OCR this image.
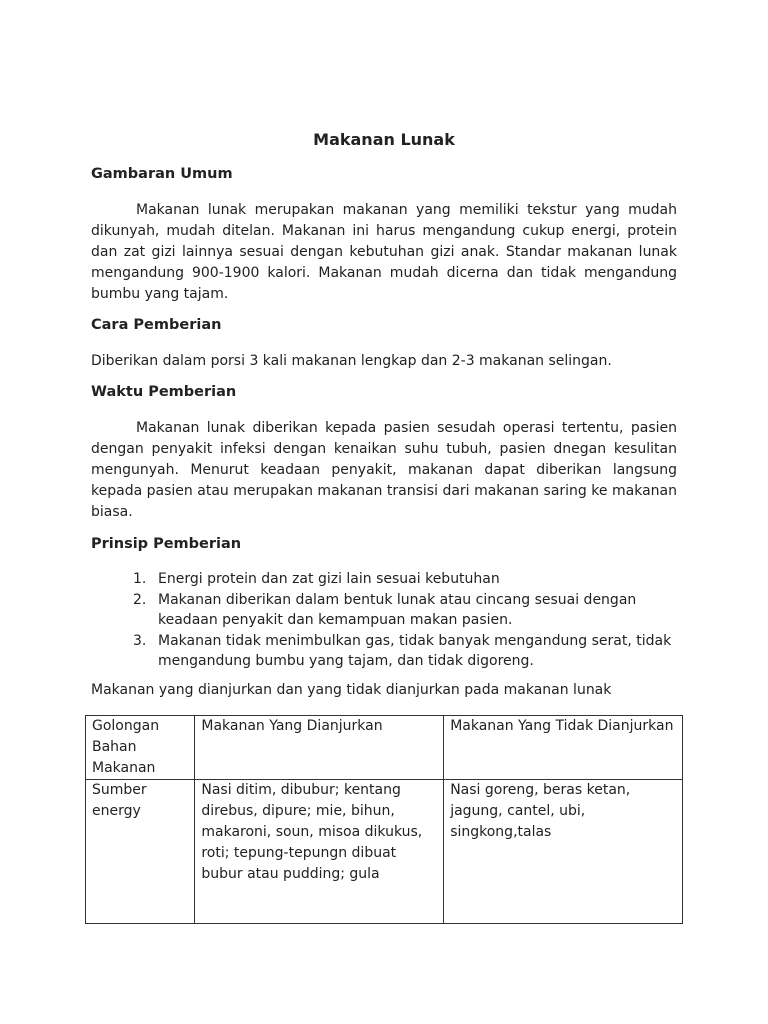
Makanan Lunak
Gambaran Umum

Makanan lunak merupakan makanan yang memiliki tekstur yang mudah dikunyah, mudah ditelan. Makanan ini harus mengandung cukup energi, protein dan zat gizi lainnya sesuai dengan kebutuhan gizi anak. Standar makanan lunak mengandung 900-1900 kalori. Makanan mudah dicerna dan tidak mengandung bumbu yang tajam.

Cara Pemberian

Diberikan dalam porsi 3 kali makanan lengkap dan 2-3 makanan selingan.

Waktu Pemberian

Makanan lunak diberikan kepada pasien sesudah operasi tertentu, pasien dengan penyakit infeksi dengan kenaikan suhu tubuh, pasien dnegan kesulitan mengunyah. Menurut keadaan penyakit, makanan dapat diberikan langsung kepada pasien atau merupakan makanan transisi dari makanan saring ke makanan biasa.

Prinsip Pemberian
1. Energi protein dan zat gizi lain sesuai kebutuhan
2. Makanan diberikan dalam bentuk lunak atau cincang sesuai dengan keadaan penyakit dan kemampuan makan pasien.
3. Makanan tidak menimbulkan gas, tidak banyak mengandung serat, tidak mengandung bumbu yang tajam, dan tidak digoreng.

Makanan yang dianjurkan dan yang tidak dianjurkan pada makanan lunak

Golongan Bahan Makanan	Makanan Yang Dianjurkan	Makanan Yang Tidak Dianjurkan
Sumber energy	Nasi ditim, dibubur; kentang direbus, dipure; mie, bihun, makaroni, soun, misoa dikukus, roti; tepung-tepungn dibuat bubur atau pudding; gula	Nasi goreng, beras ketan, jagung, cantel, ubi, singkong,talas
